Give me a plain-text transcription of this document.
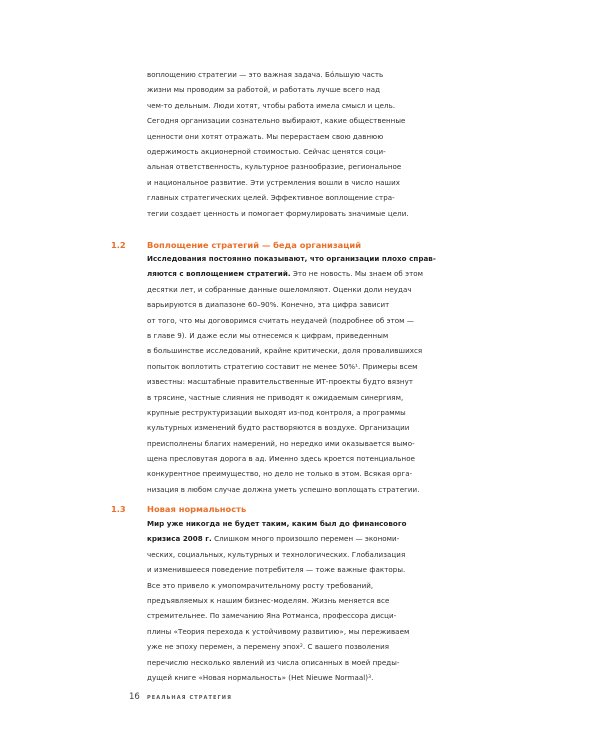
воплощению стратегии — это важная задача. Бóльшую часть
жизни мы проводим за работой, и работать лучше всего над
чем-то дельным. Люди хотят, чтобы работа имела смысл и цель.
Сегодня организации сознательно выбирают, какие общественные
ценности они хотят отражать. Мы перерастаем свою давнюю
одержимость акционерной стоимостью. Сейчас ценятся соци-
альная ответственность, культурное разнообразие, региональное
и национальное развитие. Эти устремления вошли в число наших
главных стратегических целей. Эффективное воплощение стра-
тегии создает ценность и помогает формулировать значимые цели.
1.2	Воплощение стратегий — беда организаций
Исследования постоянно показывают, что организации плохо справ-
ляются с воплощением стратегий. Это не новость. Мы знаем об этом
десятки лет, и собранные данные ошеломляют. Оценки доли неудач
варьируются в диапазоне 60–90%. Конечно, эта цифра зависит
от того, что мы договоримся считать неудачей (подробнее об этом —
в главе 9). И даже если мы отнесемся к цифрам, приведенным
в большинстве исследований, крайне критически, доля провалившихся
попыток воплотить стратегию составит не менее 50%¹. Примеры всем
известны: масштабные правительственные ИТ-проекты будто вязнут
в трясине, частные слияния не приводят к ожидаемым синергиям,
крупные реструктуризации выходят из-под контроля, а программы
культурных изменений будто растворяются в воздухе. Организации
преисполнены благих намерений, но нередко ими оказывается вымо-
щена пресловутая дорога в ад. Именно здесь кроется потенциальное
конкурентное преимущество, но дело не только в этом. Всякая орга-
низация в любом случае должна уметь успешно воплощать стратегии.
1.3	Новая нормальность
Мир уже никогда не будет таким, каким был до финансового
кризиса 2008 г. Слишком много произошло перемен — экономи-
ческих, социальных, культурных и технологических. Глобализация
и изменившееся поведение потребителя — тоже важные факторы.
Все это привело к умопомрачительному росту требований,
предъявляемых к нашим бизнес-моделям. Жизнь меняется все
стремительнее. По замечанию Яна Ротманса, профессора дисци-
плины «Теория перехода к устойчивому развитию», мы переживаем
уже не эпоху перемен, а перемену эпох$^2$. С вашего позволения
перечислю несколько явлений из числа описанных в моей преды-
дущей книге «Новая нормальность» (Het Nieuwe Normaal)$^3$.
16 РЕАЛЬНАЯ СТРАТЕГИЯ
